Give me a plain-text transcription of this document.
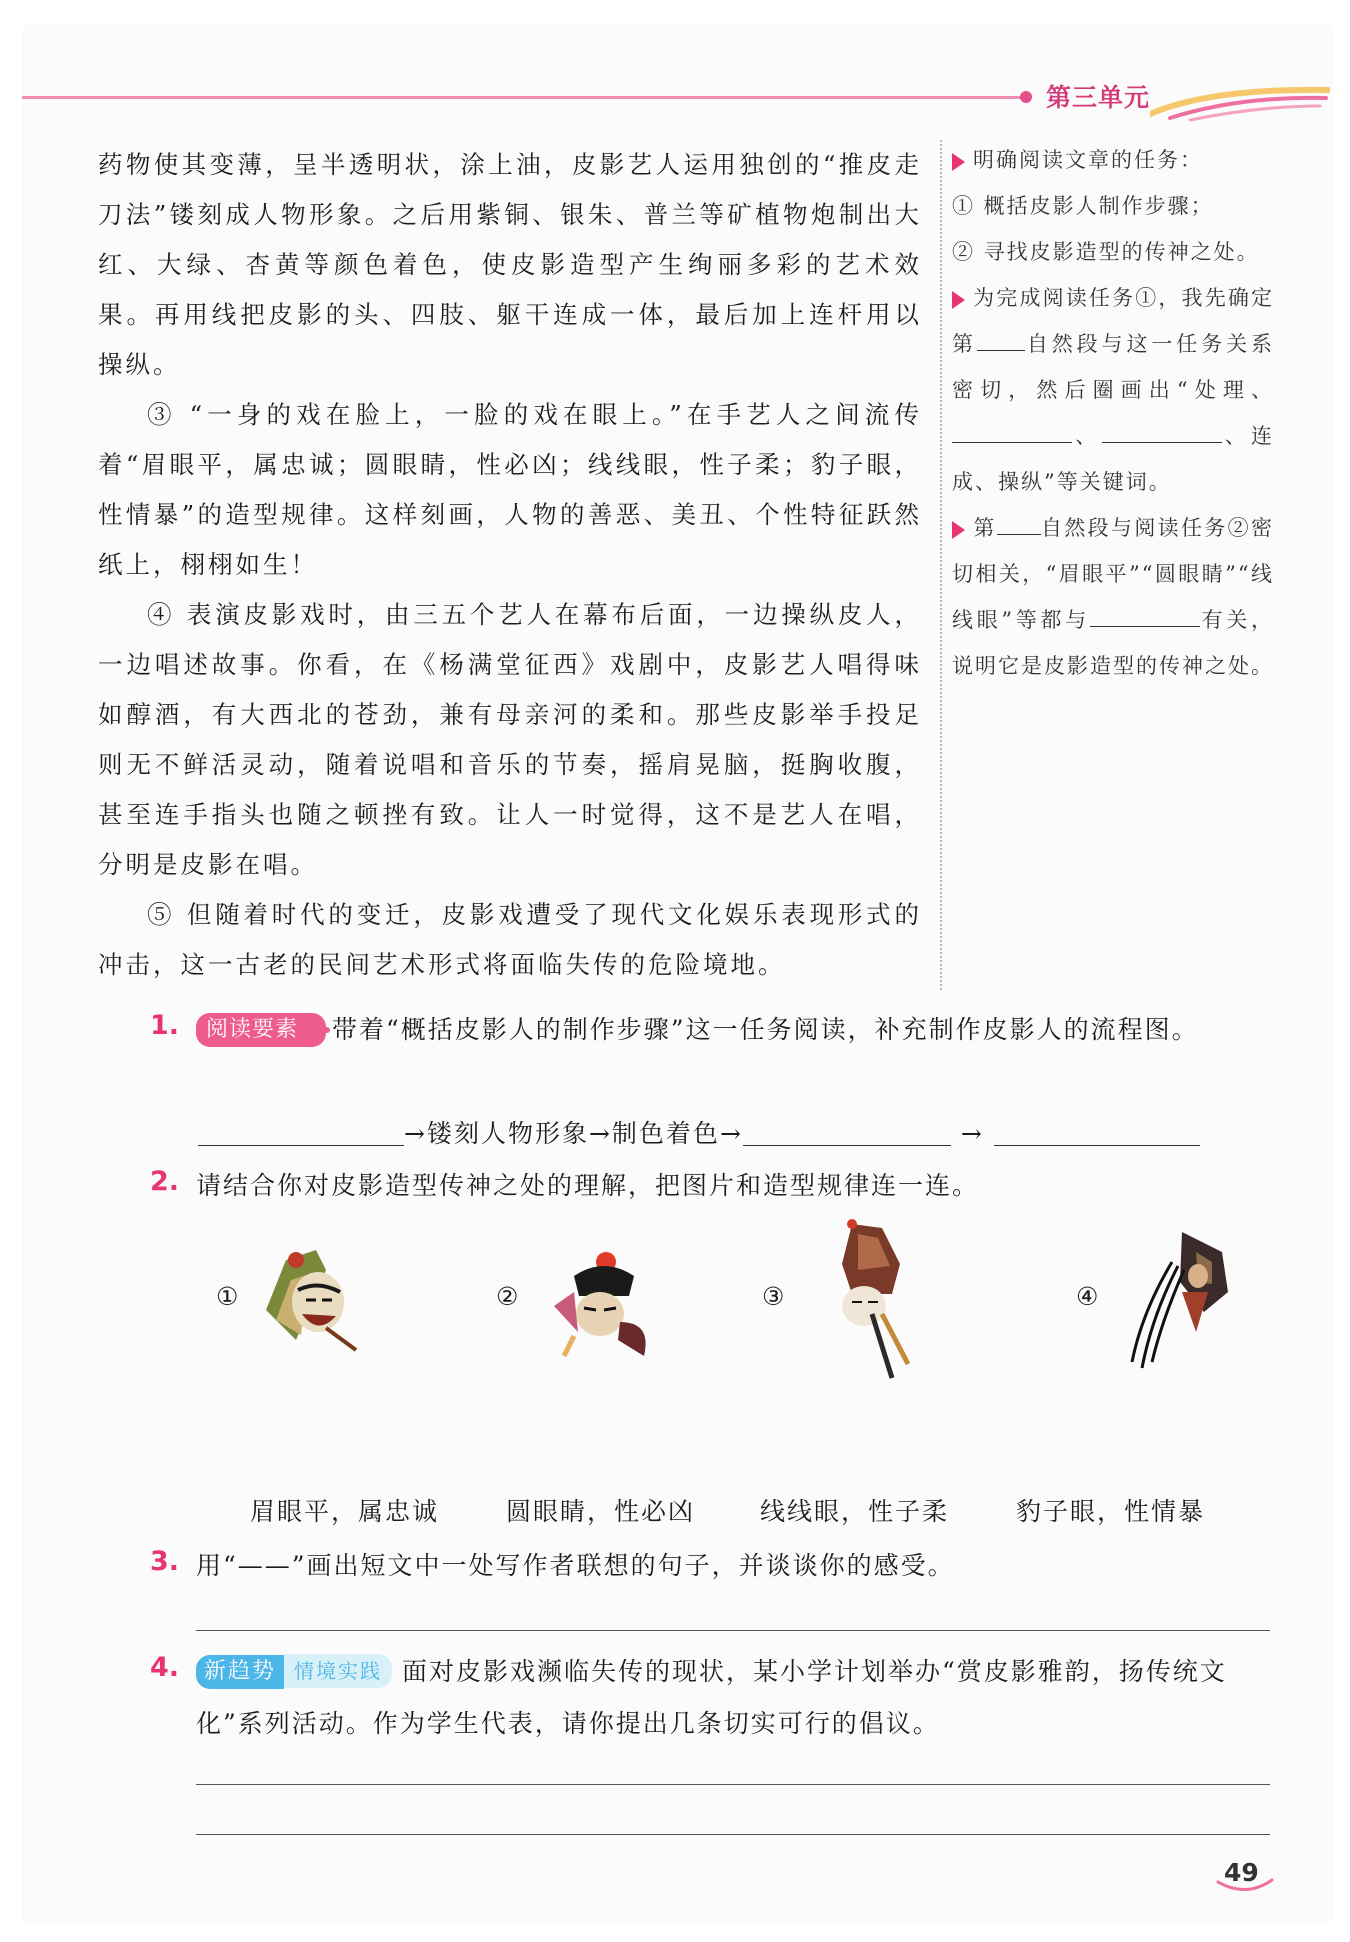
第三单元

药物使其变薄，呈半透明状，涂上油，皮影艺人运用独创的“推皮走刀法”镂刻成人物形象。之后用紫铜、银朱、普兰等矿植物炮制出大红、大绿、杏黄等颜色着色，使皮影造型产生绚丽多彩的艺术效果。再用线把皮影的头、四肢、躯干连成一体，最后加上连杆用以操纵。

③ “一身的戏在脸上，一脸的戏在眼上。”在手艺人之间流传着“眉眼平，属忠诚；圆眼睛，性必凶；线线眼，性子柔；豹子眼，性情暴”的造型规律。这样刻画，人物的善恶、美丑、个性特征跃然纸上，栩栩如生！

④ 表演皮影戏时，由三五个艺人在幕布后面，一边操纵皮人，一边唱述故事。你看，在《杨满堂征西》戏剧中，皮影艺人唱得味如醇酒，有大西北的苍劲，兼有母亲河的柔和。那些皮影举手投足则无不鲜活灵动，随着说唱和音乐的节奏，摇肩晃脑，挺胸收腹，甚至连手指头也随之顿挫有致。让人一时觉得，这不是艺人在唱，分明是皮影在唱。

⑤ 但随着时代的变迁，皮影戏遭受了现代文化娱乐表现形式的冲击，这一古老的民间艺术形式将面临失传的危险境地。

明确阅读文章的任务：
① 概括皮影人制作步骤；
② 寻找皮影造型的传神之处。

为完成阅读任务①，我先确定第 自然段与这一任务关系密切，然后圈画出“处理、、	、连成、操纵”等关键词。

第 自然段与阅读任务②密切相关，“眉眼平”“圆眼睛”“线线眼”等都与	有关，说明它是皮影造型的传神之处。

1.	阅读要素 带着“概括皮影人的制作步骤”这一任务阅读，补充制作皮影人的流程图。
→镂刻人物形象→制色着色→	→
2. 请结合你对皮影造型传神之处的理解，把图片和造型规律连一连。
①	②	③	④
眉眼平，属忠诚	圆眼睛，性必凶	线线眼，性子柔	豹子眼，性情暴
3. 用“——”画出短文中一处写作者联想的句子，并谈谈你的感受。
4.	新趋势 情境实践 面对皮影戏濒临失传的现状，某小学计划举办“赏皮影雅韵，扬传统文化”系列活动。作为学生代表，请你提出几条切实可行的倡议。
49
